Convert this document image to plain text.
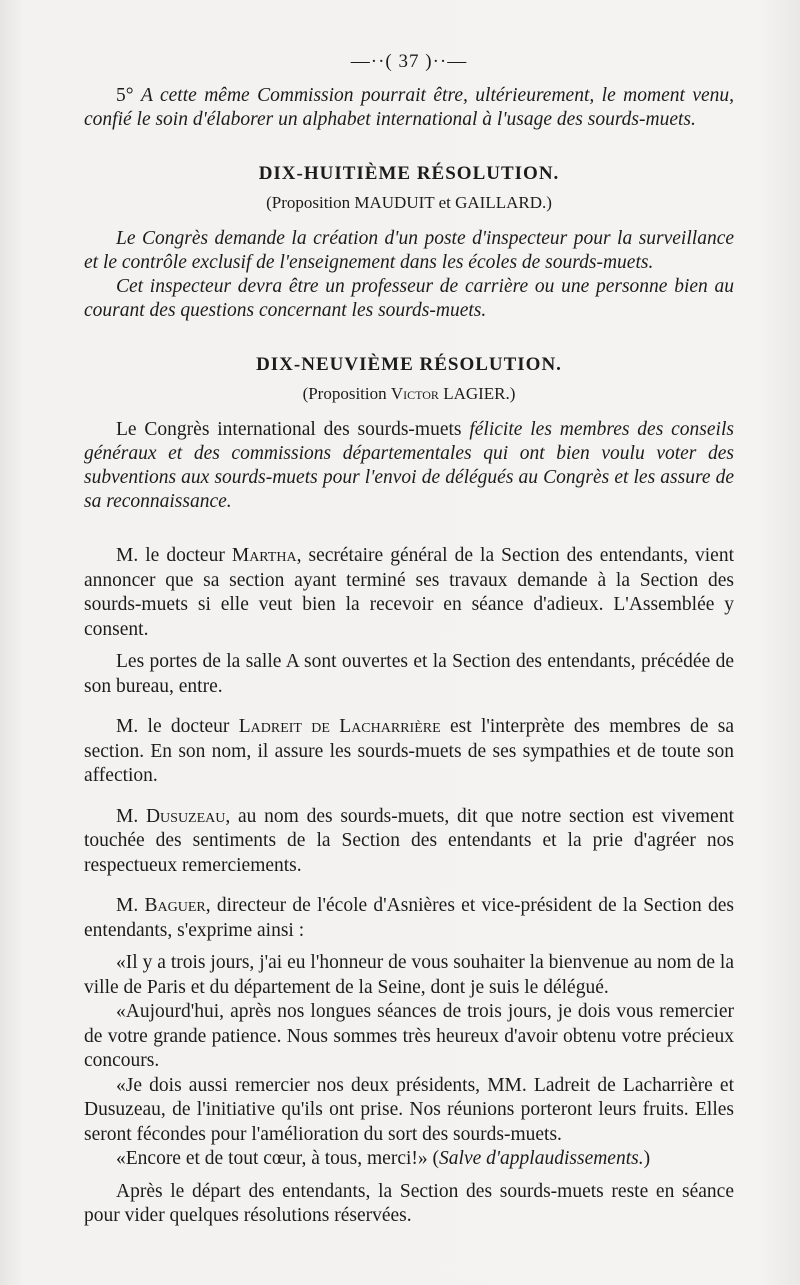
—··( 37 )··—

5° A cette même Commission pourrait être, ultérieurement, le moment venu, confié le soin d'élaborer un alphabet international à l'usage des sourds-muets.

DIX-HUITIÈME RÉSOLUTION.
(Proposition MAUDUIT et GAILLARD.)

Le Congrès demande la création d'un poste d'inspecteur pour la surveillance et le contrôle exclusif de l'enseignement dans les écoles de sourds-muets.

Cet inspecteur devra être un professeur de carrière ou une personne bien au courant des questions concernant les sourds-muets.

DIX-NEUVIÈME RÉSOLUTION.
(Proposition Victor LAGIER.)

Le Congrès international des sourds-muets félicite les membres des conseils généraux et des commissions départementales qui ont bien voulu voter des subventions aux sourds-muets pour l'envoi de délégués au Congrès et les assure de sa reconnaissance.

M. le docteur Martha, secrétaire général de la Section des entendants, vient annoncer que sa section ayant terminé ses travaux demande à la Section des sourds-muets si elle veut bien la recevoir en séance d'adieux. L'Assemblée y consent.

Les portes de la salle A sont ouvertes et la Section des entendants, précédée de son bureau, entre.

M. le docteur Ladreit de Lacharrière est l'interprète des membres de sa section. En son nom, il assure les sourds-muets de ses sympathies et de toute son affection.

M. Dusuzeau, au nom des sourds-muets, dit que notre section est vivement touchée des sentiments de la Section des entendants et la prie d'agréer nos respectueux remerciements.

M. Baguer, directeur de l'école d'Asnières et vice-président de la Section des entendants, s'exprime ainsi :

«Il y a trois jours, j'ai eu l'honneur de vous souhaiter la bienvenue au nom de la ville de Paris et du département de la Seine, dont je suis le délégué.

«Aujourd'hui, après nos longues séances de trois jours, je dois vous remercier de votre grande patience. Nous sommes très heureux d'avoir obtenu votre précieux concours.

«Je dois aussi remercier nos deux présidents, MM. Ladreit de Lacharrière et Dusuzeau, de l'initiative qu'ils ont prise. Nos réunions porteront leurs fruits. Elles seront fécondes pour l'amélioration du sort des sourds-muets.

«Encore et de tout cœur, à tous, merci!» (Salve d'applaudissements.)

Après le départ des entendants, la Section des sourds-muets reste en séance pour vider quelques résolutions réservées.
